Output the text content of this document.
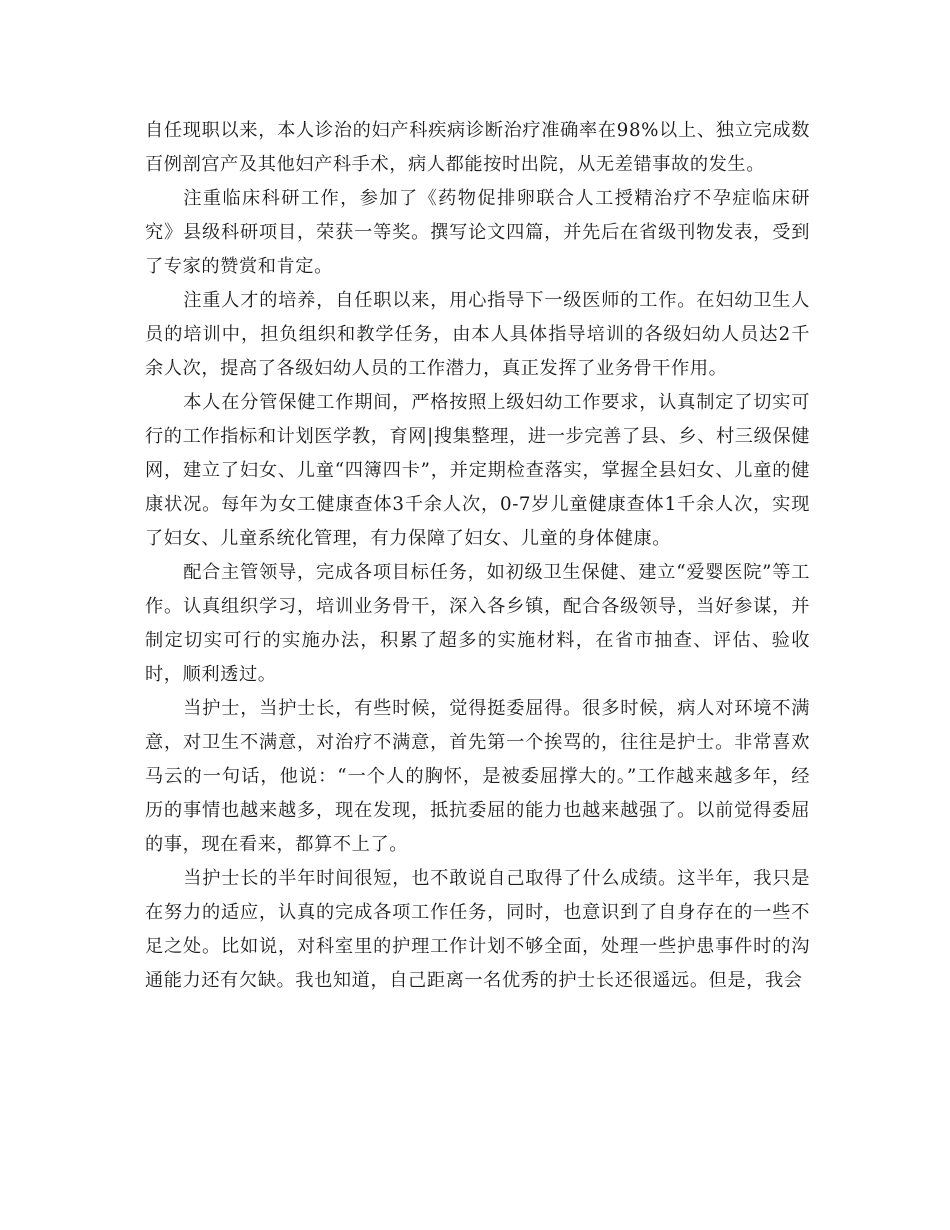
自任现职以来，本人诊治的妇产科疾病诊断治疗准确率在98%以上、独立完成数百例剖宫产及其他妇产科手术，病人都能按时出院，从无差错事故的发生。

注重临床科研工作，参加了《药物促排卵联合人工授精治疗不孕症临床研究》县级科研项目，荣获一等奖。撰写论文四篇，并先后在省级刊物发表，受到了专家的赞赏和肯定。

注重人才的培养，自任职以来，用心指导下一级医师的工作。在妇幼卫生人员的培训中，担负组织和教学任务，由本人具体指导培训的各级妇幼人员达2千余人次，提高了各级妇幼人员的工作潜力，真正发挥了业务骨干作用。

本人在分管保健工作期间，严格按照上级妇幼工作要求，认真制定了切实可行的工作指标和计划医学教，育网|搜集整理，进一步完善了县、乡、村三级保健网，建立了妇女、儿童“四簿四卡”，并定期检查落实，掌握全县妇女、儿童的健康状况。每年为女工健康查体3千余人次，0-7岁儿童健康查体1千余人次，实现了妇女、儿童系统化管理，有力保障了妇女、儿童的身体健康。

配合主管领导，完成各项目标任务，如初级卫生保健、建立“爱婴医院”等工作。认真组织学习，培训业务骨干，深入各乡镇，配合各级领导，当好参谋，并制定切实可行的实施办法，积累了超多的实施材料，在省市抽查、评估、验收时，顺利透过。

当护士，当护士长，有些时候，觉得挺委屈得。很多时候，病人对环境不满意，对卫生不满意，对治疗不满意，首先第一个挨骂的，往往是护士。非常喜欢马云的一句话，他说：“一个人的胸怀，是被委屈撑大的。”工作越来越多年，经历的事情也越来越多，现在发现，抵抗委屈的能力也越来越强了。以前觉得委屈的事，现在看来，都算不上了。

当护士长的半年时间很短，也不敢说自己取得了什么成绩。这半年，我只是在努力的适应，认真的完成各项工作任务，同时，也意识到了自身存在的一些不足之处。比如说，对科室里的护理工作计划不够全面，处理一些护患事件时的沟通能力还有欠缺。我也知道，自己距离一名优秀的护士长还很遥远。但是，我会
